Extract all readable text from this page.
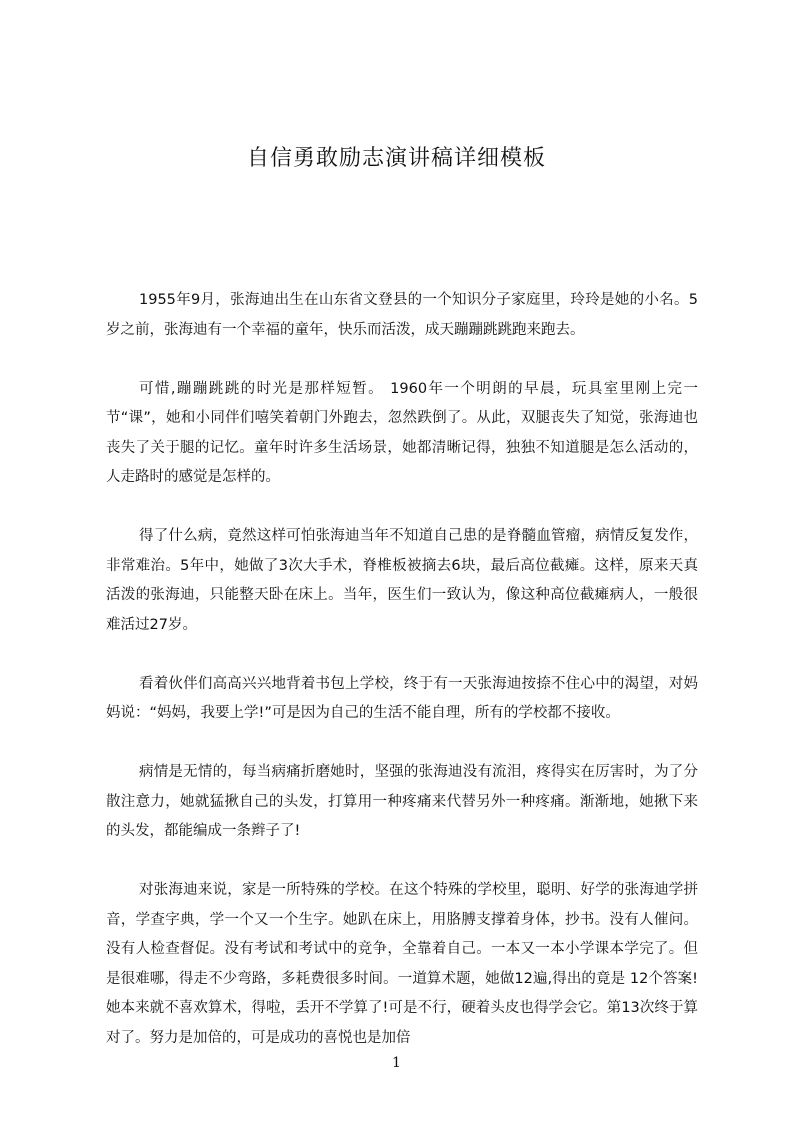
自信勇敢励志演讲稿详细模板

1955年9月，张海迪出生在山东省文登县的一个知识分子家庭里，玲玲是她的小名。5岁之前，张海迪有一个幸福的童年，快乐而活泼，成天蹦蹦跳跳跑来跑去。

可惜,蹦蹦跳跳的时光是那样短暂。 1960年一个明朗的早晨，玩具室里刚上完一节“课”，她和小同伴们嘻笑着朝门外跑去，忽然跌倒了。从此，双腿丧失了知觉，张海迪也丧失了关于腿的记忆。童年时许多生活场景，她都清晰记得，独独不知道腿是怎么活动的，人走路时的感觉是怎样的。

得了什么病，竟然这样可怕张海迪当年不知道自己患的是脊髓血管瘤，病情反复发作，非常难治。5年中，她做了3次大手术，脊椎板被摘去6块，最后高位截瘫。这样，原来天真活泼的张海迪，只能整天卧在床上。当年，医生们一致认为，像这种高位截瘫病人，一般很难活过27岁。

看着伙伴们高高兴兴地背着书包上学校，终于有一天张海迪按捺不住心中的渴望，对妈妈说：“妈妈，我要上学!”可是因为自己的生活不能自理，所有的学校都不接收。

病情是无情的，每当病痛折磨她时，坚强的张海迪没有流泪，疼得实在厉害时，为了分散注意力，她就猛揪自己的头发，打算用一种疼痛来代替另外一种疼痛。渐渐地，她揪下来的头发，都能编成一条辫子了!

对张海迪来说，家是一所特殊的学校。在这个特殊的学校里，聪明、好学的张海迪学拼音，学查字典，学一个又一个生字。她趴在床上，用胳膊支撑着身体，抄书。没有人催问。没有人检查督促。没有考试和考试中的竞争，全靠着自己。一本又一本小学课本学完了。但是很难哪，得走不少弯路，多耗费很多时间。一道算术题，她做12遍,得出的竟是 12个答案!她本来就不喜欢算术，得啦，丢开不学算了!可是不行，硬着头皮也得学会它。第13次终于算对了。努力是加倍的，可是成功的喜悦也是加倍

1
